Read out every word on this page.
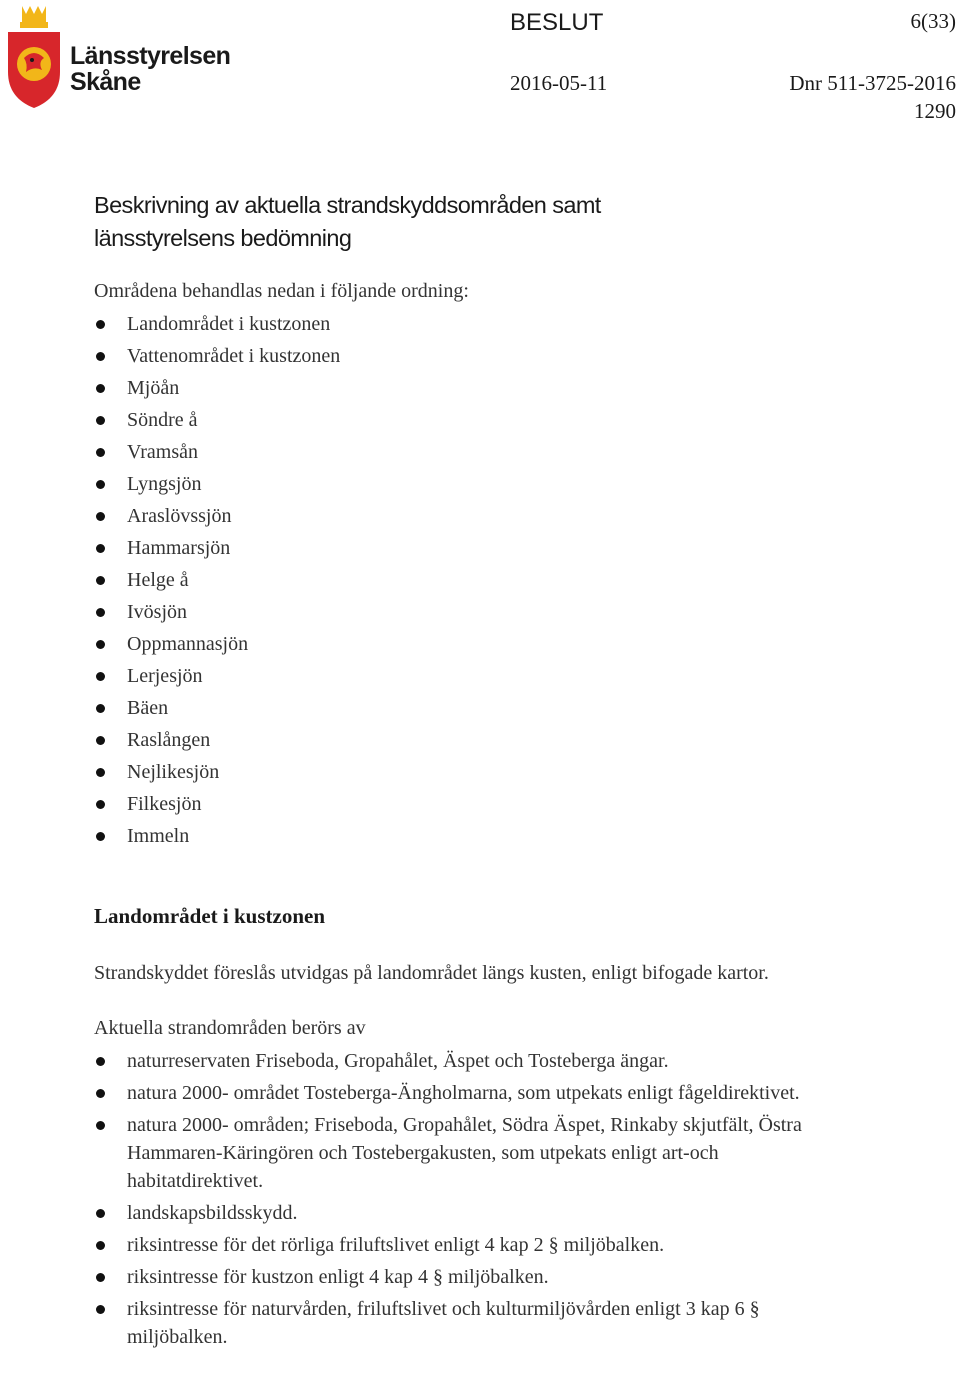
Länsstyrelsen
Skåne
BESLUT	6(33)
2016-05-11	Dnr 511-3725-2016
1290
Beskrivning av aktuella strandskyddsområden samt länsstyrelsens bedömning
Områdena behandlas nedan i följande ordning:
Landområdet i kustzonen
Vattenområdet i kustzonen
Mjöån
Söndre å
Vramsån
Lyngsjön
Araslövssjön
Hammarsjön
Helge å
Ivösjön
Oppmannasjön
Lerjesjön
Bäen
Raslången
Nejlikesjön
Filkesjön
Immeln
Landområdet i kustzonen
Strandskyddet föreslås utvidgas på landområdet längs kusten, enligt bifogade kartor.
Aktuella strandområden berörs av
naturreservaten Friseboda, Gropahålet, Äspet och Tosteberga ängar.
natura 2000- området Tosteberga-Ängholmarna, som utpekats enligt fågeldirektivet.
natura 2000- områden; Friseboda, Gropahålet, Södra Äspet, Rinkaby skjutfält, Östra Hammaren-Käringören och Tostebergakusten, som utpekats enligt art-och habitatdirektivet.
landskapsbildsskydd.
riksintresse för det rörliga friluftslivet enligt 4 kap 2 § miljöbalken.
riksintresse för kustzon enligt 4 kap 4 § miljöbalken.
riksintresse för naturvården, friluftslivet och kulturmiljövården enligt 3 kap 6 § miljöbalken.
